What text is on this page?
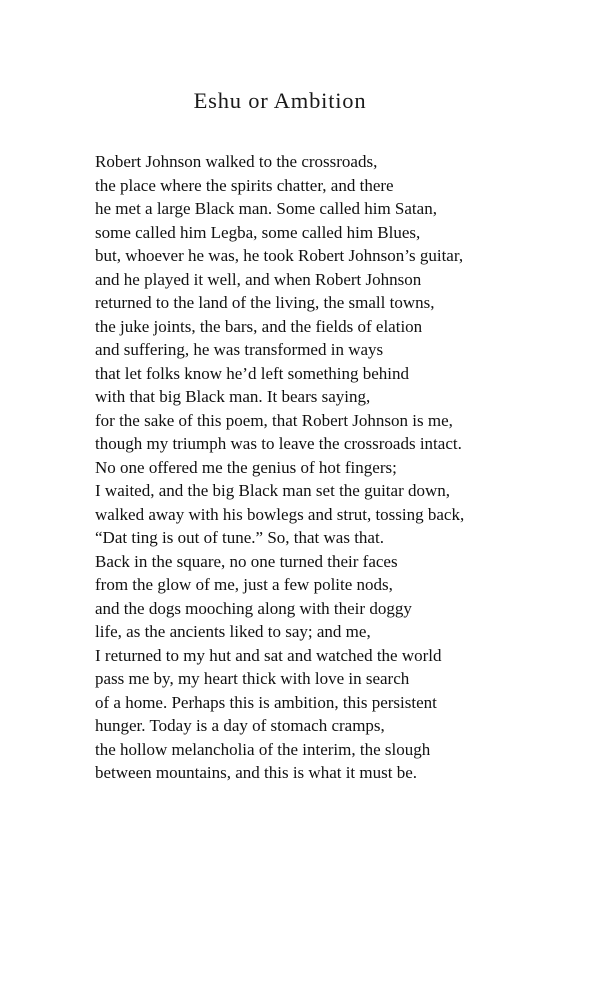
Eshu or Ambition
Robert Johnson walked to the crossroads,
the place where the spirits chatter, and there
he met a large Black man. Some called him Satan,
some called him Legba, some called him Blues,
but, whoever he was, he took Robert Johnson’s guitar,
and he played it well, and when Robert Johnson
returned to the land of the living, the small towns,
the juke joints, the bars, and the fields of elation
and suffering, he was transformed in ways
that let folks know he’d left something behind
with that big Black man. It bears saying,
for the sake of this poem, that Robert Johnson is me,
though my triumph was to leave the crossroads intact.
No one offered me the genius of hot fingers;
I waited, and the big Black man set the guitar down,
walked away with his bowlegs and strut, tossing back,
“Dat ting is out of tune.” So, that was that.
Back in the square, no one turned their faces
from the glow of me, just a few polite nods,
and the dogs mooching along with their doggy
life, as the ancients liked to say; and me,
I returned to my hut and sat and watched the world
pass me by, my heart thick with love in search
of a home. Perhaps this is ambition, this persistent
hunger. Today is a day of stomach cramps,
the hollow melancholia of the interim, the slough
between mountains, and this is what it must be.
